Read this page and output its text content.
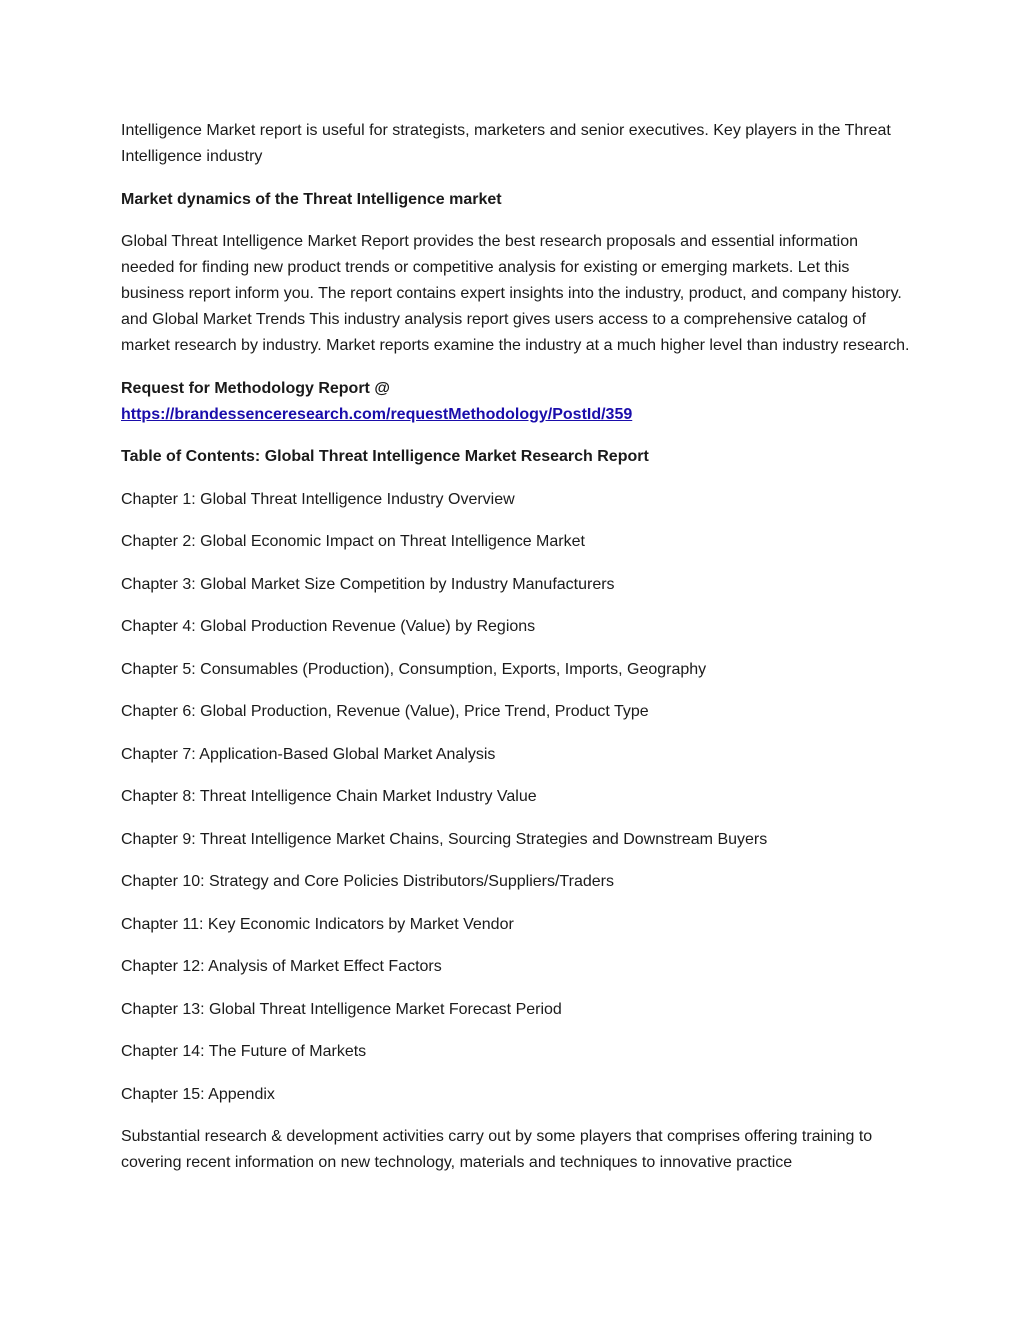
Intelligence Market report is useful for strategists, marketers and senior executives. Key players in the Threat Intelligence industry

Market dynamics of the Threat Intelligence market

Global Threat Intelligence Market Report provides the best research proposals and essential information needed for finding new product trends or competitive analysis for existing or emerging markets. Let this business report inform you. The report contains expert insights into the industry, product, and company history. and Global Market Trends This industry analysis report gives users access to a comprehensive catalog of market research by industry. Market reports examine the industry at a much higher level than industry research.

Request for Methodology Report @
https://brandessenceresearch.com/requestMethodology/PostId/359

Table of Contents: Global Threat Intelligence Market Research Report

Chapter 1: Global Threat Intelligence Industry Overview
Chapter 2: Global Economic Impact on Threat Intelligence Market
Chapter 3: Global Market Size Competition by Industry Manufacturers
Chapter 4: Global Production Revenue (Value) by Regions
Chapter 5: Consumables (Production), Consumption, Exports, Imports, Geography
Chapter 6: Global Production, Revenue (Value), Price Trend, Product Type
Chapter 7: Application-Based Global Market Analysis
Chapter 8: Threat Intelligence Chain Market Industry Value
Chapter 9: Threat Intelligence Market Chains, Sourcing Strategies and Downstream Buyers
Chapter 10: Strategy and Core Policies Distributors/Suppliers/Traders
Chapter 11: Key Economic Indicators by Market Vendor
Chapter 12: Analysis of Market Effect Factors
Chapter 13: Global Threat Intelligence Market Forecast Period
Chapter 14: The Future of Markets
Chapter 15: Appendix

Substantial research & development activities carry out by some players that comprises offering training to covering recent information on new technology, materials and techniques to innovative practice
